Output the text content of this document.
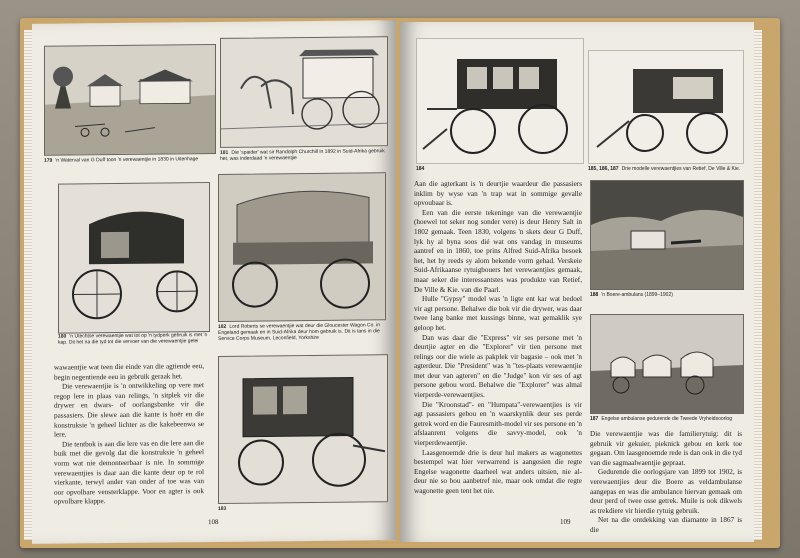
179 'n Waterval van G Duff toon 'n verewaentjie in 1830 in Uitenhage
181 Die 'spaider' wat sir Randolph Churchill in 1892 in Suid-Afrika gebruik het, was inderdaad 'n verewaentjie
180 'n Utechtse verewaentjie wat tot op 'n tydperk gebruik is met 'n kap. Dit het na die tyd tot die vervoer van die verewaentjie gelei
182 Lord Roberts se verewaentjie wat deur die Gloucester Wagon Co. in Engeland gemaak en in Suid-Afrika deur hom gebruik is. Dit is tans in die Service Corps Museum, Leconfield, Yorkshire

wawaentjie wat teen die einde van die agtiende eeu, begin negentiende eeu in gebruik geraak het.

Die verewaentjie is 'n ontwikkeling op vere met regop lere in plaas van relings, 'n sitplek vir die drywer en dwars- of oorlangsbanke vir die passasiers. Die slewe aan die kante is hoër en die konstruksie 'n geheel lichter as die kakebeenwa se lere.

Die tentbok is aan die lere vas en die lere aan die buik met die gevolg dat die konstruksie 'n geheel vorm wat nie demonteerbaar is nie. In sommige verewaentjies is daar aan die kante deur op te rol vierkante, terwyl ander van onder af toe was van oor opvolbare vensterklappe. Voor en agter is ook opvolbare klappe.

183
108
184	185, 186, 187 Drie modelle verewaentjies van Retief, De Ville & Kie.

Aan die agterkant is 'n deurtjie waardeur die passasiers inklim by wyse van 'n trap wat in sommige gevalle opvoubaar is.

Een van die eerste tekeninge van die verewaentjie (hoewel tot seker nog sonder vere) is deur Henry Salt in 1802 gemaak. Teen 1830, volgens 'n skets deur G Duff, lyk hy al byna soos dié wat ons vandag in museums aantref en in 1860, toe prins Alfred Suid-Afrika besoek het, het hy reeds sy alom bekende vorm gehad. Verskeie Suid-Afrikaanse rytuigbouers het verewaentjies gemaak, maar seker die interessantstes was produkte van Retief, De Ville & Kie. van die Paarl.

Hulle "Gypsy" model was 'n ligte ent kar wat bedoel vir agt persone. Behalwe die bok vir die drywer, was daar twee lang banke met kussings binne, wat gemaklik sye geloop het.

Dan was daar die "Express" vir ses persone met 'n deurtjie agter en die "Explorer" vir tien persone met relings oor die wiele as pakplek vir bagasie – ook met 'n agterdeur. Die "President" was 'n "tes-plaats verewaentjie met deur van agteren" en die "Judge" kon vir ses of agt persone gebou word. Behalwe die "Explorer" was almal vierperde-verewaentjies.

Die "Kroonstad"- en "Humpata"-verewaentjies is vir agt passasiers gebou en 'n waarskynlik deur ses perde getrek word en die Fauresmith-model vir ses persone en 'n afslaanrent volgens die savvy-model, ook 'n vierperdewaentjie.

Laasgenoemde drie is deur hul makers as wagonettes bestempel wat hier verwarrend is aangesien die regte Engelse wagonette daarheel wat anders uitsien, nie al-deur nie so bou aanbetref nie, maar ook omdat die regte wagonette geen tent het nie.

188 'n Boere-ambulans (1899–1902)
187 Engelse ambulanse gedurende die Tweede Vryheidsoorlog

Die verewaentjie was die familierytuig: dit is gebruik vir gekuier, pieknick gebou en kerk toe gegaan. Om laasgenoemde rede is dan ook in die tyd van die sagmaalwaentjie gepraat.

Gedurende die oorlogsjare van 1899 tot 1902, is verewaentjies deur die Boere as veldambulanse aangepas en was die ambulance hiervan gemaak om deur perd of twee osse getrek. Muile is ook dikwels as trekdiere vir hierdie rytuig gebruik.

Net na die ontdekking van diamante in 1867 is die

109
